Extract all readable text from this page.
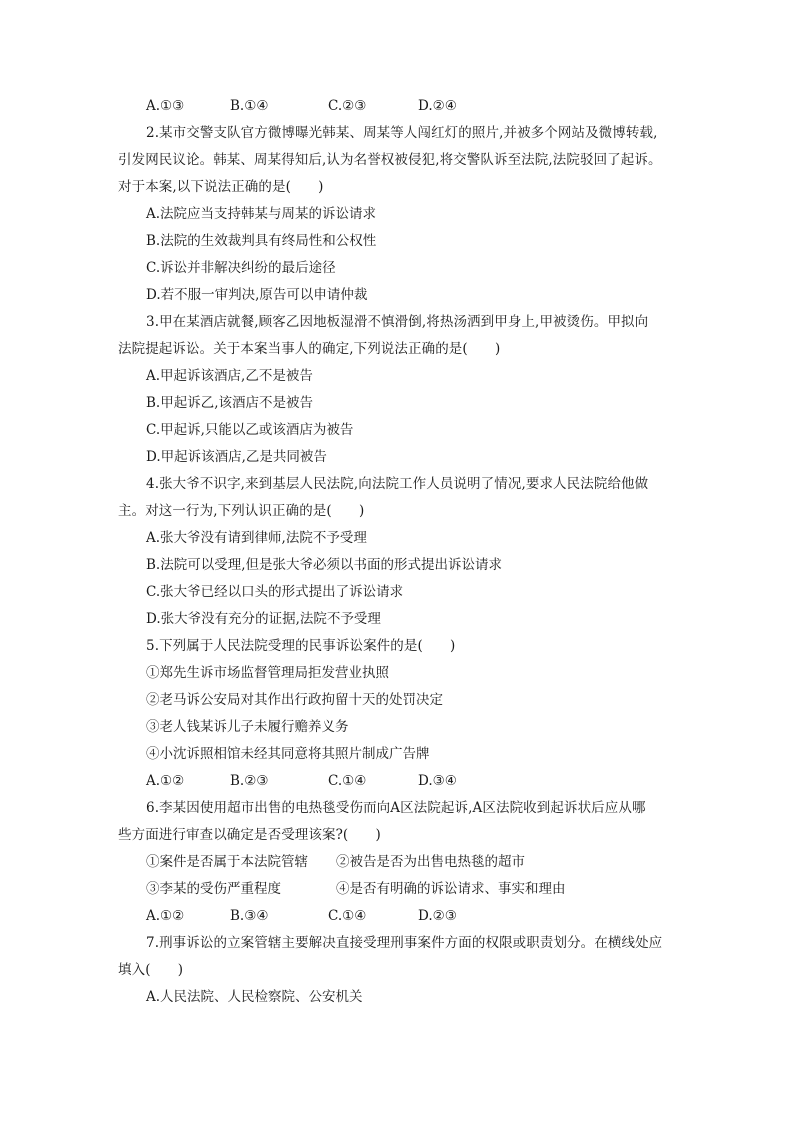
A.①③	B.①④	C.②③	D.②④
2.某市交警支队官方微博曝光韩某、周某等人闯红灯的照片,并被多个网站及微博转载,
引发网民议论。韩某、周某得知后,认为名誉权被侵犯,将交警队诉至法院,法院驳回了起诉。
对于本案,以下说法正确的是(　　)
A.法院应当支持韩某与周某的诉讼请求
B.法院的生效裁判具有终局性和公权性
C.诉讼并非解决纠纷的最后途径
D.若不服一审判决,原告可以申请仲裁
3.甲在某酒店就餐,顾客乙因地板湿滑不慎滑倒,将热汤洒到甲身上,甲被烫伤。甲拟向
法院提起诉讼。关于本案当事人的确定,下列说法正确的是(　　)
A.甲起诉该酒店,乙不是被告
B.甲起诉乙,该酒店不是被告
C.甲起诉,只能以乙或该酒店为被告
D.甲起诉该酒店,乙是共同被告
4.张大爷不识字,来到基层人民法院,向法院工作人员说明了情况,要求人民法院给他做
主。对这一行为,下列认识正确的是(　　)
A.张大爷没有请到律师,法院不予受理
B.法院可以受理,但是张大爷必须以书面的形式提出诉讼请求
C.张大爷已经以口头的形式提出了诉讼请求
D.张大爷没有充分的证据,法院不予受理
5.下列属于人民法院受理的民事诉讼案件的是(　　)
①郑先生诉市场监督管理局拒发营业执照
②老马诉公安局对其作出行政拘留十天的处罚决定
③老人钱某诉儿子未履行赡养义务
④小沈诉照相馆未经其同意将其照片制成广告牌
A.①②	B.②③	C.①④	D.③④
6.李某因使用超市出售的电热毯受伤而向A区法院起诉,A区法院收到起诉状后应从哪
些方面进行审查以确定是否受理该案?(　　)
①案件是否属于本法院管辖	②被告是否为出售电热毯的超市
③李某的受伤严重程度	④是否有明确的诉讼请求、事实和理由
A.①②	B.③④	C.①④	D.②③
7.刑事诉讼的立案管辖主要解决直接受理刑事案件方面的权限或职责划分。在横线处应
填入(　　)
A.人民法院、人民检察院、公安机关
